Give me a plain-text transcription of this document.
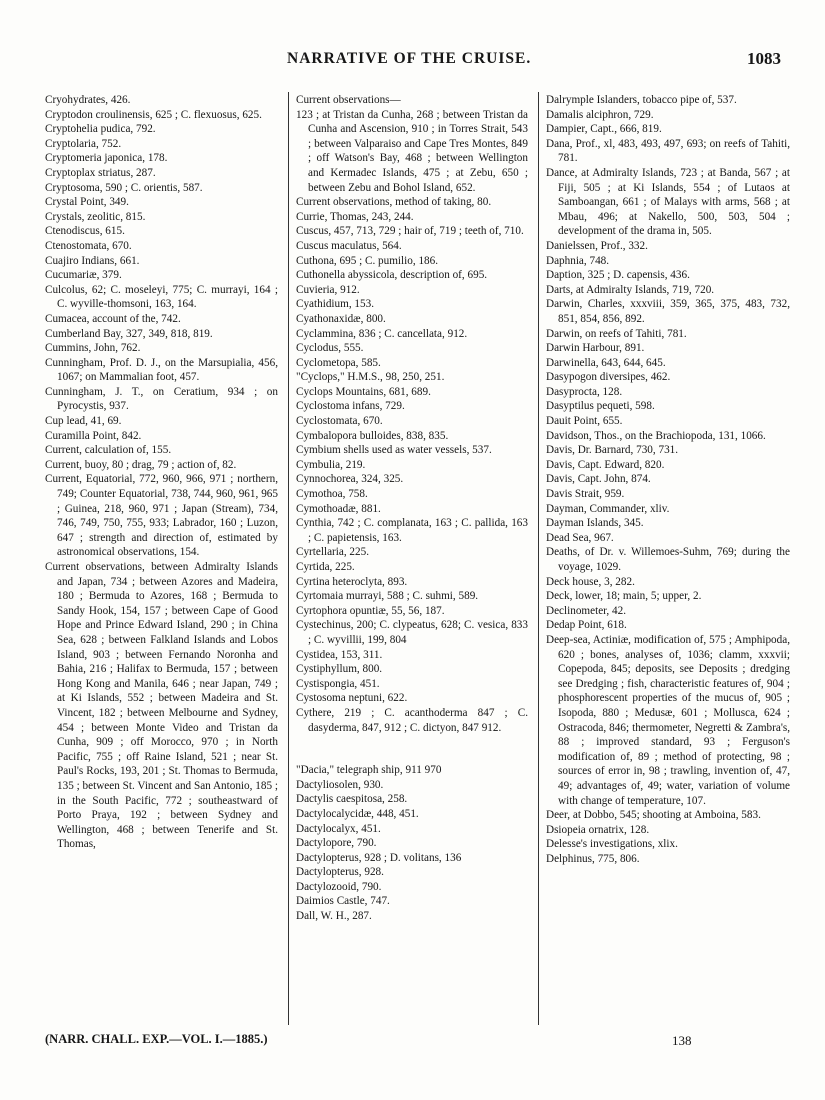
NARRATIVE OF THE CRUISE.	1083
Cryohydrates, 426.
Cryptodon croulinensis, 625 ; C. flexuosus, 625.
Cryptohelia pudica, 792.
Cryptolaria, 752.
Cryptomeria japonica, 178.
Cryptoplax striatus, 287.
Cryptosoma, 590 ; C. orientis, 587.
Crystal Point, 349.
Crystals, zeolitic, 815.
Ctenodiscus, 615.
Ctenostomata, 670.
Cuajiro Indians, 661.
Cucumariæ, 379.
Culcolus, 62; C. moseleyi, 775; C. murrayi, 164 ; C. wyville-thomsoni, 163, 164.
Cumacea, account of the, 742.
Cumberland Bay, 327, 349, 818, 819.
Cummins, John, 762.
Cunningham, Prof. D. J., on the Marsupialia, 456, 1067; on Mammalian foot, 457.
Cunningham, J. T., on Ceratium, 934 ; on Pyrocystis, 937.
Cup lead, 41, 69.
Curamilla Point, 842.
Current, calculation of, 155.
Current, buoy, 80 ; drag, 79 ; action of, 82.
Current, Equatorial, 772, 960, 966, 971 ; northern, 749; Counter Equatorial, 738, 744, 960, 961, 965 ; Guinea, 218, 960, 971 ; Japan (Stream), 734, 746, 749, 750, 755, 933; Labrador, 160 ; Luzon, 647 ; strength and direction of, estimated by astronomical observations, 154.
Current observations, between Admiralty Islands and Japan, 734 ; between Azores and Madeira, 180 ; Bermuda to Azores, 168 ; Bermuda to Sandy Hook, 154, 157 ; between Cape of Good Hope and Prince Edward Island, 290 ; in China Sea, 628 ; between Falkland Islands and Lobos Island, 903 ; between Fernando Noronha and Bahia, 216 ; Halifax to Bermuda, 157 ; between Hong Kong and Manila, 646 ; near Japan, 749 ; at Ki Islands, 552 ; between Madeira and St. Vincent, 182 ; between Melbourne and Sydney, 454 ; between Monte Video and Tristan da Cunha, 909 ; off Morocco, 970 ; in North Pacific, 755 ; off Raine Island, 521 ; near St. Paul's Rocks, 193, 201 ; St. Thomas to Bermuda, 135 ; between St. Vincent and San Antonio, 185 ; in the South Pacific, 772 ; southeastward of Porto Praya, 192 ; between Sydney and Wellington, 468 ; between Tenerife and St. Thomas,
Current observations—
123 ; at Tristan da Cunha, 268 ; between Tristan da Cunha and Ascension, 910 ; in Torres Strait, 543 ; between Valparaiso and Cape Tres Montes, 849 ; off Watson's Bay, 468 ; between Wellington and Kermadec Islands, 475 ; at Zebu, 650 ; between Zebu and Bohol Island, 652.
Current observations, method of taking, 80.
Currie, Thomas, 243, 244.
Cuscus, 457, 713, 729 ; hair of, 719 ; teeth of, 710.
Cuscus maculatus, 564.
Cuthona, 695 ; C. pumilio, 186.
Cuthonella abyssicola, description of, 695.
Cuvieria, 912.
Cyathidium, 153.
Cyathonaxidæ, 800.
Cyclammina, 836 ; C. cancellata, 912.
Cyclodus, 555.
Cyclometopa, 585.
"Cyclops," H.M.S., 98, 250, 251.
Cyclops Mountains, 681, 689.
Cyclostoma infans, 729.
Cyclostomata, 670.
Cymbalopora bulloides, 838, 835.
Cymbium shells used as water vessels, 537.
Cymbulia, 219.
Cynnochorea, 324, 325.
Cymothoa, 758.
Cymothoadæ, 881.
Cynthia, 742 ; C. complanata, 163 ; C. pallida, 163 ; C. papietensis, 163.
Cyrtellaria, 225.
Cyrtida, 225.
Cyrtina heteroclyta, 893.
Cyrtomaia murrayi, 588 ; C. suhmi, 589.
Cyrtophora opuntiæ, 55, 56, 187.
Cystechinus, 200; C. clypeatus, 628; C. vesica, 833 ; C. wyvillii, 199, 804
Cystidea, 153, 311.
Cystiphyllum, 800.
Cystispongia, 451.
Cystosoma neptuni, 622.
Cythere, 219 ; C. acanthoderma 847 ; C. dasyderma, 847, 912 ; C. dictyon, 847 912.
"Dacia," telegraph ship, 911 970
Dactyliosolen, 930.
Dactylis caespitosa, 258.
Dactylocalycidæ, 448, 451.
Dactylocalyx, 451.
Dactylopore, 790.
Dactylopterus, 928 ; D. volitans, 136
Dactylopterus, 928.
Dactylozooid, 790.
Daimios Castle, 747.
Dall, W. H., 287.
Dalrymple Islanders, tobacco pipe of, 537.
Damalis alciphron, 729.
Dampier, Capt., 666, 819.
Dana, Prof., xl, 483, 493, 497, 693; on reefs of Tahiti, 781.
Dance, at Admiralty Islands, 723 ; at Banda, 567 ; at Fiji, 505 ; at Ki Islands, 554 ; of Lutaos at Samboangan, 661 ; of Malays with arms, 568 ; at Mbau, 496; at Nakello, 500, 503, 504 ; development of the drama in, 505.
Danielssen, Prof., 332.
Daphnia, 748.
Daption, 325 ; D. capensis, 436.
Darts, at Admiralty Islands, 719, 720.
Darwin, Charles, xxxviii, 359, 365, 375, 483, 732, 851, 854, 856, 892.
Darwin, on reefs of Tahiti, 781.
Darwin Harbour, 891.
Darwinella, 643, 644, 645.
Dasypogon diversipes, 462.
Dasyprocta, 128.
Dasyptilus pequeti, 598.
Dauit Point, 655.
Davidson, Thos., on the Brachiopoda, 131, 1066.
Davis, Dr. Barnard, 730, 731.
Davis, Capt. Edward, 820.
Davis, Capt. John, 874.
Davis Strait, 959.
Dayman, Commander, xliv.
Dayman Islands, 345.
Dead Sea, 967.
Deaths, of Dr. v. Willemoes-Suhm, 769; during the voyage, 1029.
Deck house, 3, 282.
Deck, lower, 18; main, 5; upper, 2.
Declinometer, 42.
Dedap Point, 618.
Deep-sea, Actiniæ, modification of, 575 ; Amphipoda, 620 ; bones, analyses of, 1036; clamm, xxxvii; Copepoda, 845; deposits, see Deposits ; dredging see Dredging ; fish, characteristic features of, 904 ; phosphorescent properties of the mucus of, 905 ; Isopoda, 880 ; Medusæ, 601 ; Mollusca, 624 ; Ostracoda, 846; thermometer, Negretti & Zambra's, 88 ; improved standard, 93 ; Ferguson's modification of, 89 ; method of protecting, 98 ; sources of error in, 98 ; trawling, invention of, 47, 49; advantages of, 49; water, variation of volume with change of temperature, 107.
Deer, at Dobbo, 545; shooting at Amboina, 583.
Dsiopeia ornatrix, 128.
Delesse's investigations, xlix.
Delphinus, 775, 806.
(NARR. CHALL. EXP.—VOL. I.—1885.)	138
